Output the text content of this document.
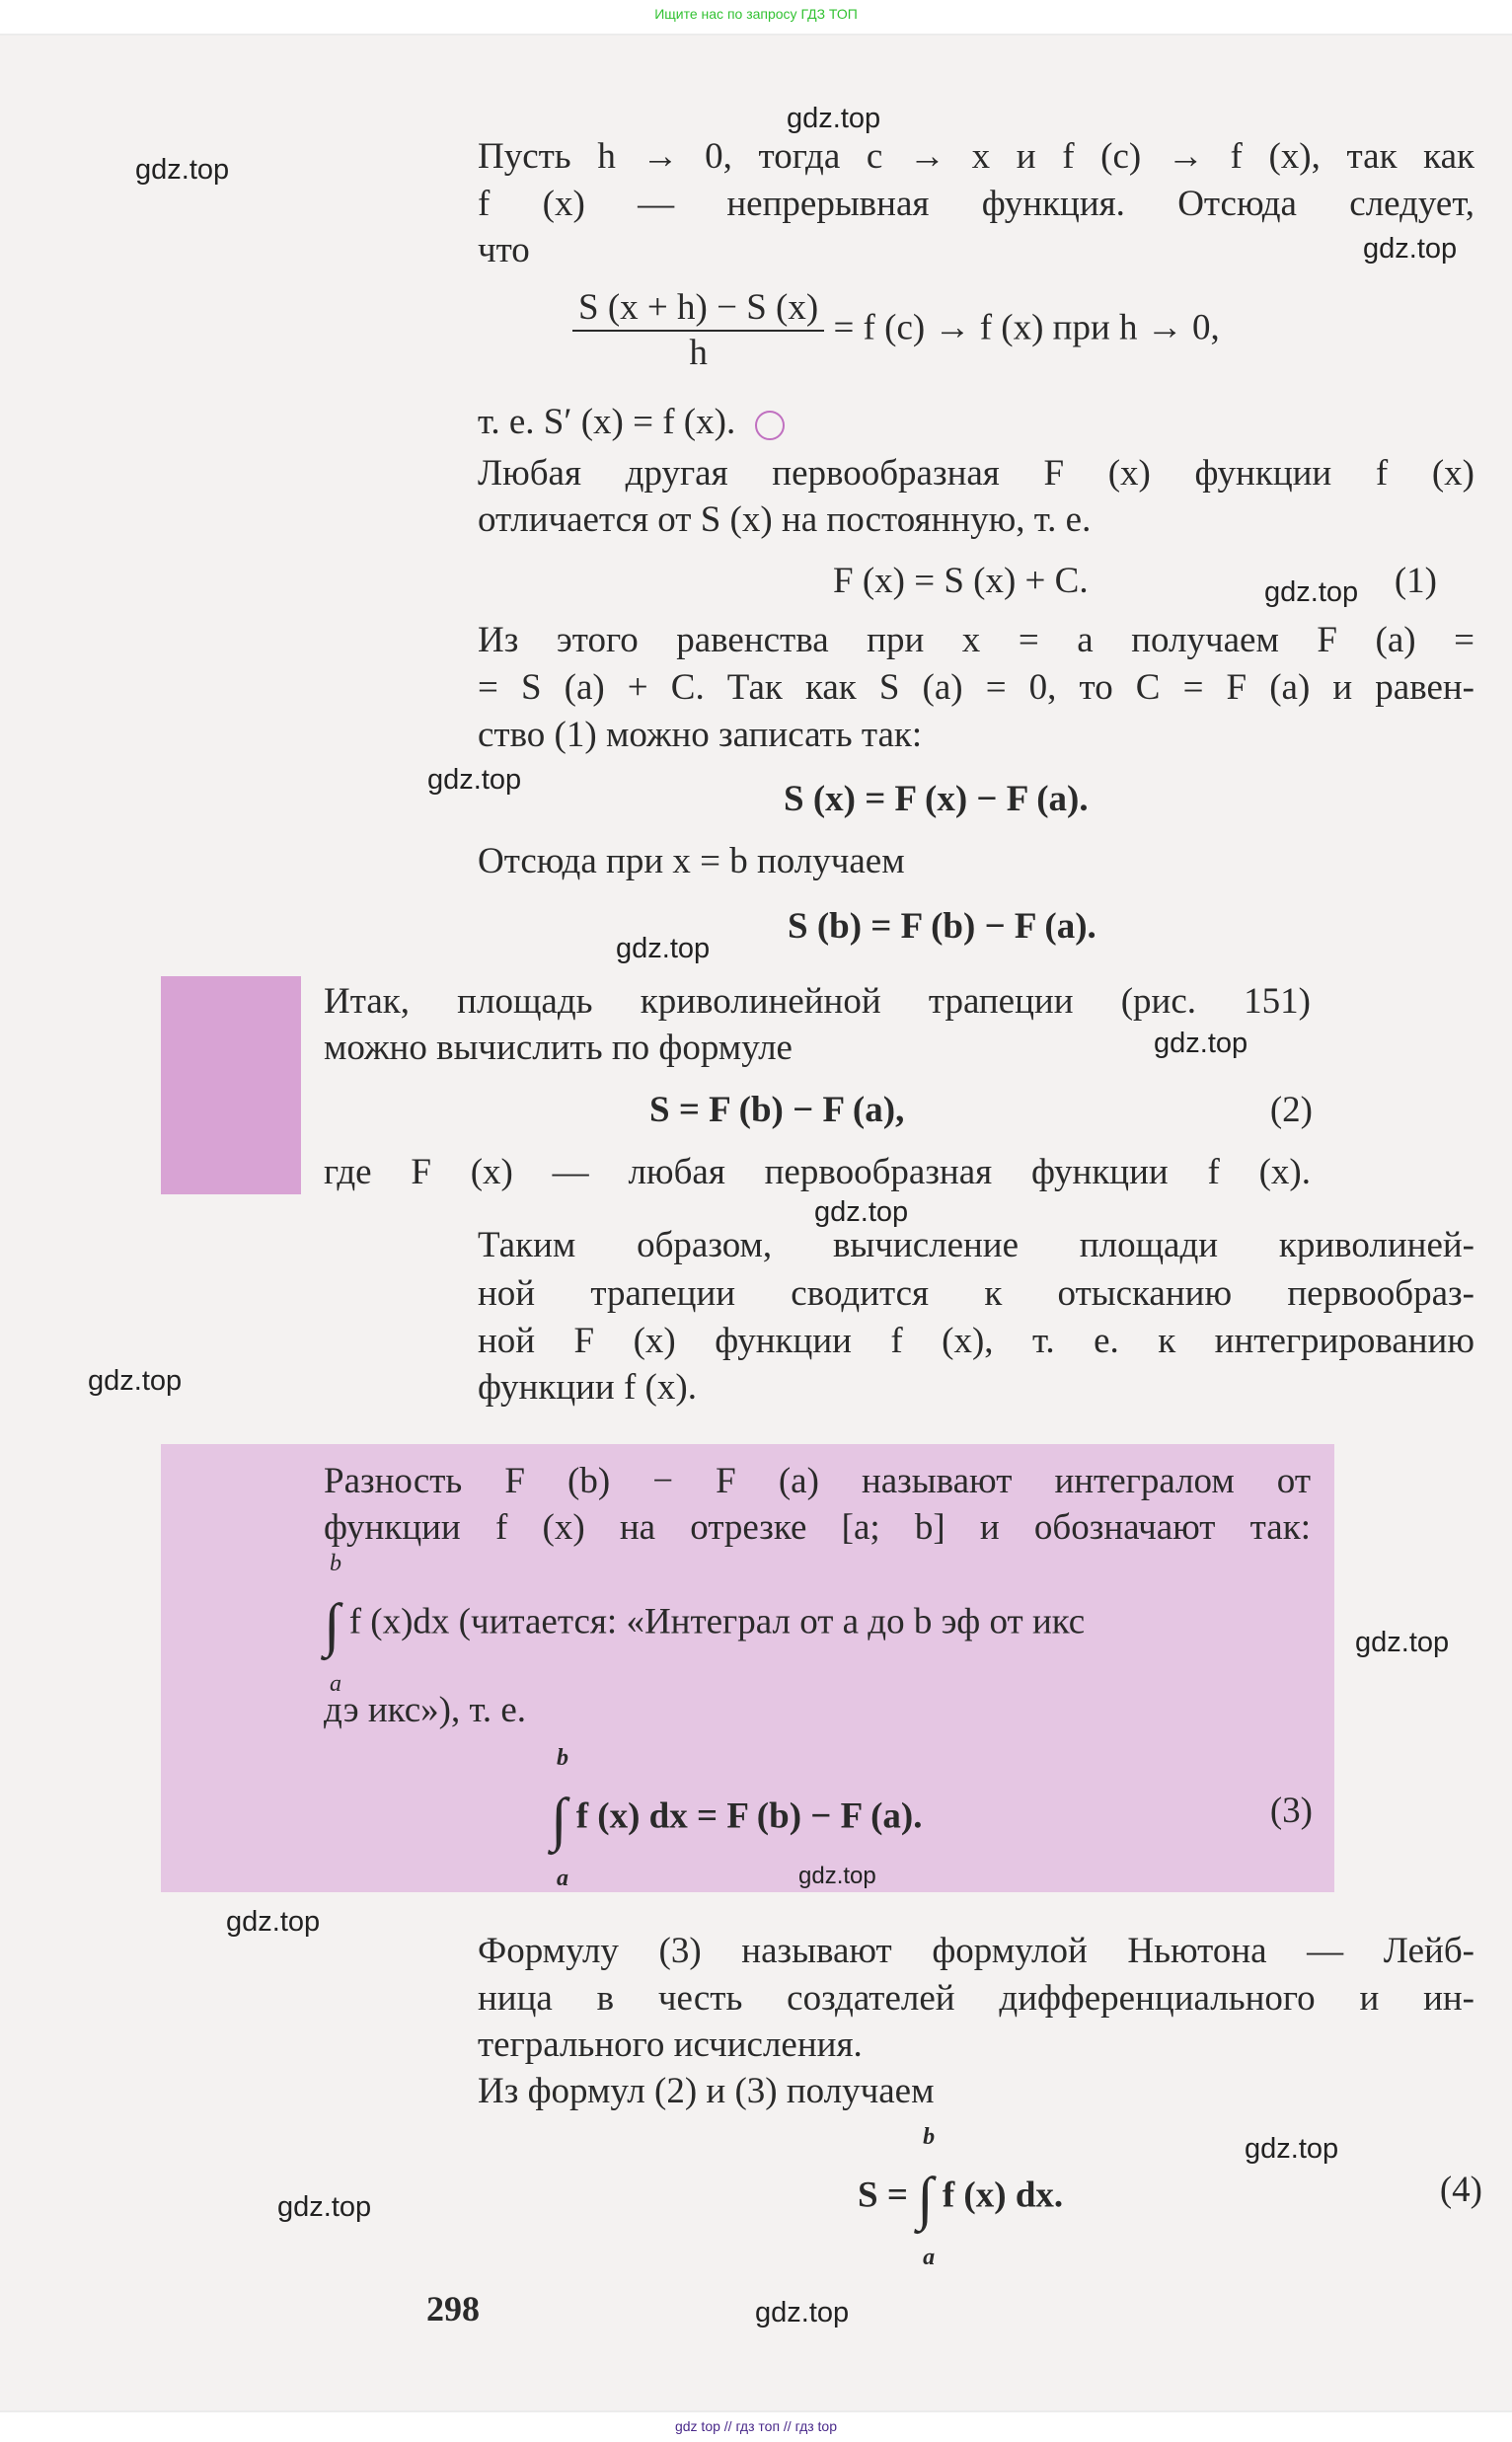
Ищите нас по запросу ГДЗ ТОП
Пусть h → 0, тогда c → x и f (c) → f (x), так как
f (x) — непрерывная функция. Отсюда следует,
что
$\frac{S (x + h) - S (x)}{h} = f$ (c) → f (x) при h → 0,
т. е. S′ (x) = f (x).
Любая другая первообразная F (x) функции f (x)
отличается от S (x) на постоянную, т. е.
F (x) = S (x) + C.	(1)
Из этого равенства при x = a получаем F (a) =
= S (a) + C. Так как S (a) = 0, то C = F (a) и равен-
ство (1) можно записать так:
S (x) = F (x) − F (a).
Отсюда при x = b получаем
S (b) = F (b) − F (a).
Итак, площадь криволинейной трапеции (рис. 151)
можно вычислить по формуле
S = F (b) − F (a),	(2)
где F (x) — любая первообразная функции f (x).
Таким образом, вычисление площади криволиней-
ной трапеции сводится к отысканию первообраз-
ной F (x) функции f (x), т. е. к интегрированию
функции f (x).
Разность F (b) − F (a) называют интегралом от
функции f (x) на отрезке [a; b] и обозначают так:
∫
b
a
f (x)dx (читается: «Интеграл от a до b эф от икс
дэ икс»), т. е.
∫
b
a
f (x) dx = F (b) − F (a).	(3)
Формулу (3) называют формулой Ньютона — Лейб-
ница в честь создателей дифференциального и ин-
тегрального исчисления.
Из формул (2) и (3) получаем
S = ∫
b
a
f (x) dx.	(4)
298
gdz.top
gdz.top
gdz.top
gdz.top
gdz.top
gdz.top
gdz.top
gdz.top
gdz.top
gdz.top
gdz.top
gdz.top
gdz.top
gdz.top
gdz.top
gdz top // гдз топ // гдз top
